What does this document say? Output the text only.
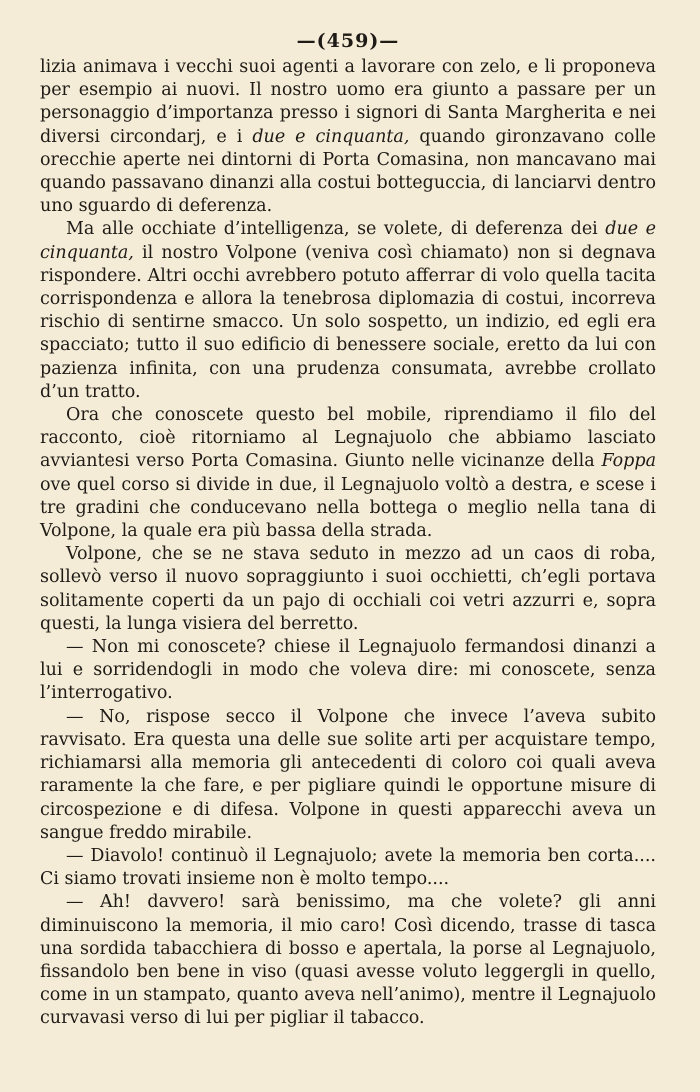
—(459)—

lizia animava i vecchi suoi agenti a lavorare con zelo, e li proponeva per esempio ai nuovi. Il nostro uomo era giunto a passare per un personaggio d’importanza presso i signori di Santa Margherita e nei diversi circondarj, e i due e cinquanta, quando gironzavano colle orecchie aperte nei dintorni di Porta Comasina, non mancavano mai quando passavano dinanzi alla costui botteguccia, di lanciarvi dentro uno sguardo di deferenza.

Ma alle occhiate d’intelligenza, se volete, di deferenza dei due e cinquanta, il nostro Volpone (veniva così chiamato) non si degnava rispondere. Altri occhi avrebbero potuto afferrar di volo quella tacita corrispondenza e allora la tenebrosa diplomazia di costui, incorreva rischio di sentirne smacco. Un solo sospetto, un indizio, ed egli era spacciato; tutto il suo edificio di benessere sociale, eretto da lui con pazienza infinita, con una prudenza consumata, avrebbe crollato d’un tratto.

Ora che conoscete questo bel mobile, riprendiamo il filo del racconto, cioè ritorniamo al Legnajuolo che abbiamo lasciato avviantesi verso Porta Comasina. Giunto nelle vicinanze della Foppa ove quel corso si divide in due, il Legnajuolo voltò a destra, e scese i tre gradini che conducevano nella bottega o meglio nella tana di Volpone, la quale era più bassa della strada.

Volpone, che se ne stava seduto in mezzo ad un caos di roba, sollevò verso il nuovo sopraggiunto i suoi occhietti, ch’egli portava solitamente coperti da un pajo di occhiali coi vetri azzurri e, sopra questi, la lunga visiera del berretto.

— Non mi conoscete? chiese il Legnajuolo fermandosi dinanzi a lui e sorridendogli in modo che voleva dire: mi conoscete, senza l’interrogativo.

— No, rispose secco il Volpone che invece l’aveva subito ravvisato. Era questa una delle sue solite arti per acquistare tempo, richiamarsi alla memoria gli antecedenti di coloro coi quali aveva raramente la che fare, e per pigliare quindi le opportune misure di circospezione e di difesa. Volpone in questi apparecchi aveva un sangue freddo mirabile.

— Diavolo! continuò il Legnajuolo; avete la memoria ben corta.... Ci siamo trovati insieme non è molto tempo....

— Ah! davvero! sarà benissimo, ma che volete? gli anni diminuiscono la memoria, il mio caro! Così dicendo, trasse di tasca una sordida tabacchiera di bosso e apertala, la porse al Legnajuolo, fissandolo ben bene in viso (quasi avesse voluto leggergli in quello, come in un stampato, quanto aveva nell’animo), mentre il Legnajuolo curvavasi verso di lui per pigliar il tabacco.
